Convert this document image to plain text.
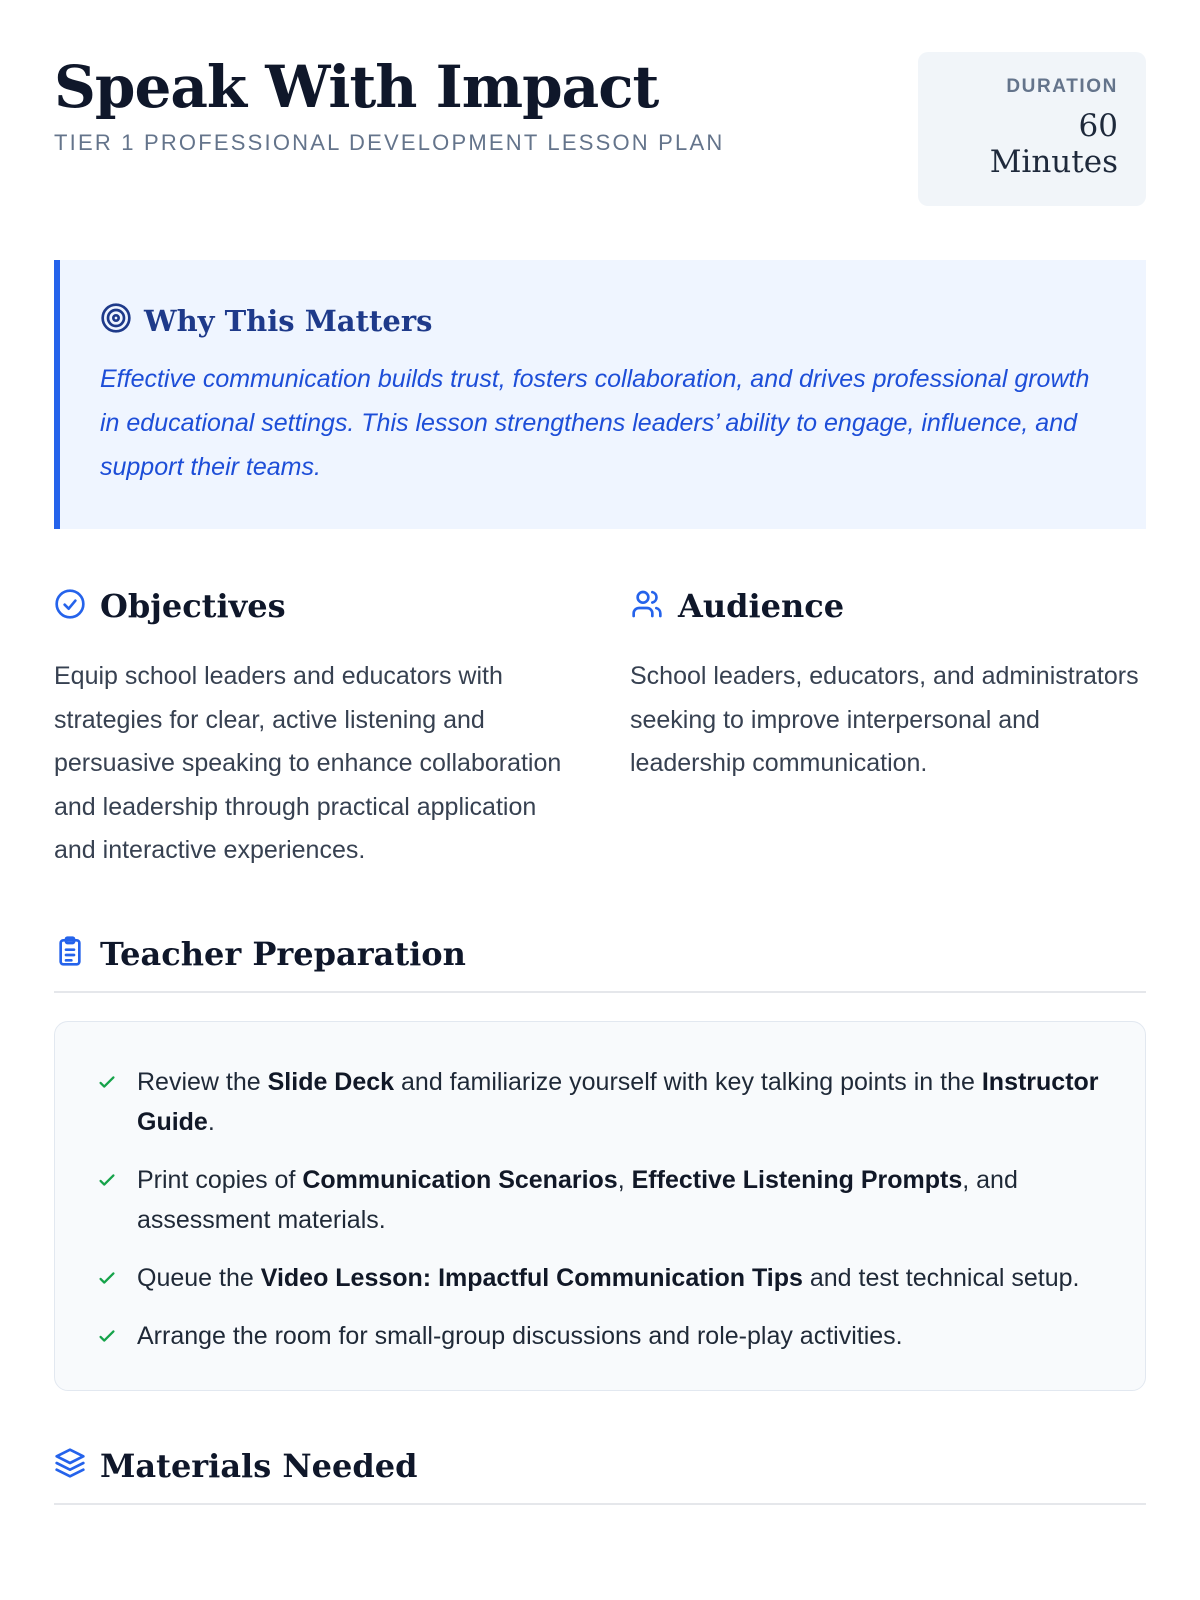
Speak With Impact
TIER 1 PROFESSIONAL DEVELOPMENT LESSON PLAN
DURATION
60 Minutes
Why This Matters

Effective communication builds trust, fosters collaboration, and drives professional growth in educational settings. This lesson strengthens leaders’ ability to engage, influence, and support their teams.

Objectives

Equip school leaders and educators with strategies for clear, active listening and persuasive speaking to enhance collaboration and leadership through practical application and interactive experiences.

Audience

School leaders, educators, and administrators seeking to improve interpersonal and leadership communication.

Teacher Preparation
Review the Slide Deck and familiarize yourself with key talking points in the Instructor Guide.
Print copies of Communication Scenarios, Effective Listening Prompts, and assessment materials.
Queue the Video Lesson: Impactful Communication Tips and test technical setup.
Arrange the room for small-group discussions and role-play activities.
Materials Needed
